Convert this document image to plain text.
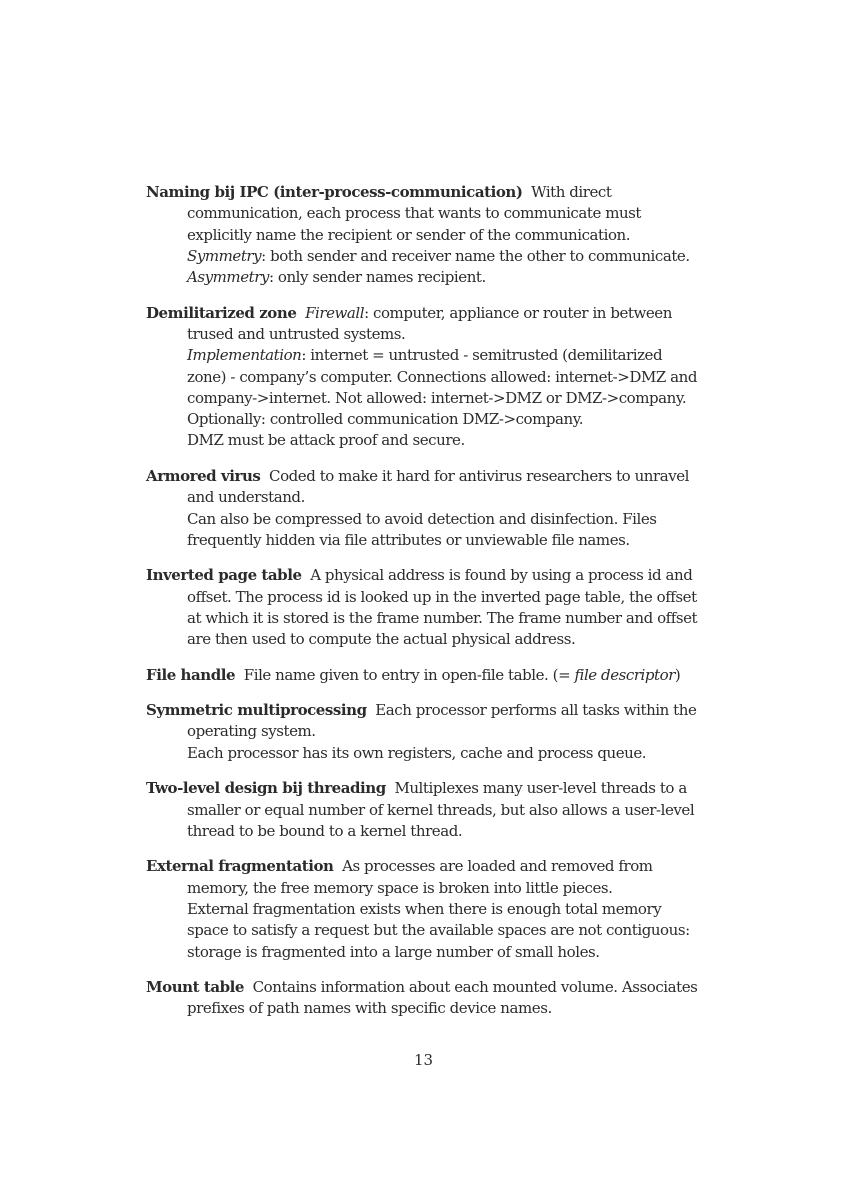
Naming bij IPC (inter-process-communication) With direct communication, each process that wants to communicate must explicitly name the recipient or sender of the communication.
Symmetry: both sender and receiver name the other to communicate.
Asymmetry: only sender names recipient.

Demilitarized zone Firewall: computer, appliance or router in between trused and untrusted systems.
Implementation: internet = untrusted - semitrusted (demilitarized zone) - company’s computer. Connections allowed: internet->DMZ and company->internet. Not allowed: internet->DMZ or DMZ->company.
Optionally: controlled communication DMZ->company.
DMZ must be attack proof and secure.

Armored virus Coded to make it hard for antivirus researchers to unravel and understand.
Can also be compressed to avoid detection and disinfection. Files frequently hidden via file attributes or unviewable file names.

Inverted page table A physical address is found by using a process id and offset. The process id is looked up in the inverted page table, the offset at which it is stored is the frame number. The frame number and offset are then used to compute the actual physical address.

File handle File name given to entry in open-file table. (= file descriptor)

Symmetric multiprocessing Each processor performs all tasks within the operating system.
Each processor has its own registers, cache and process queue.

Two-level design bij threading Multiplexes many user-level threads to a smaller or equal number of kernel threads, but also allows a user-level thread to be bound to a kernel thread.

External fragmentation As processes are loaded and removed from memory, the free memory space is broken into little pieces.
External fragmentation exists when there is enough total memory space to satisfy a request but the available spaces are not contiguous: storage is fragmented into a large number of small holes.

Mount table Contains information about each mounted volume. Associates prefixes of path names with specific device names.

13
